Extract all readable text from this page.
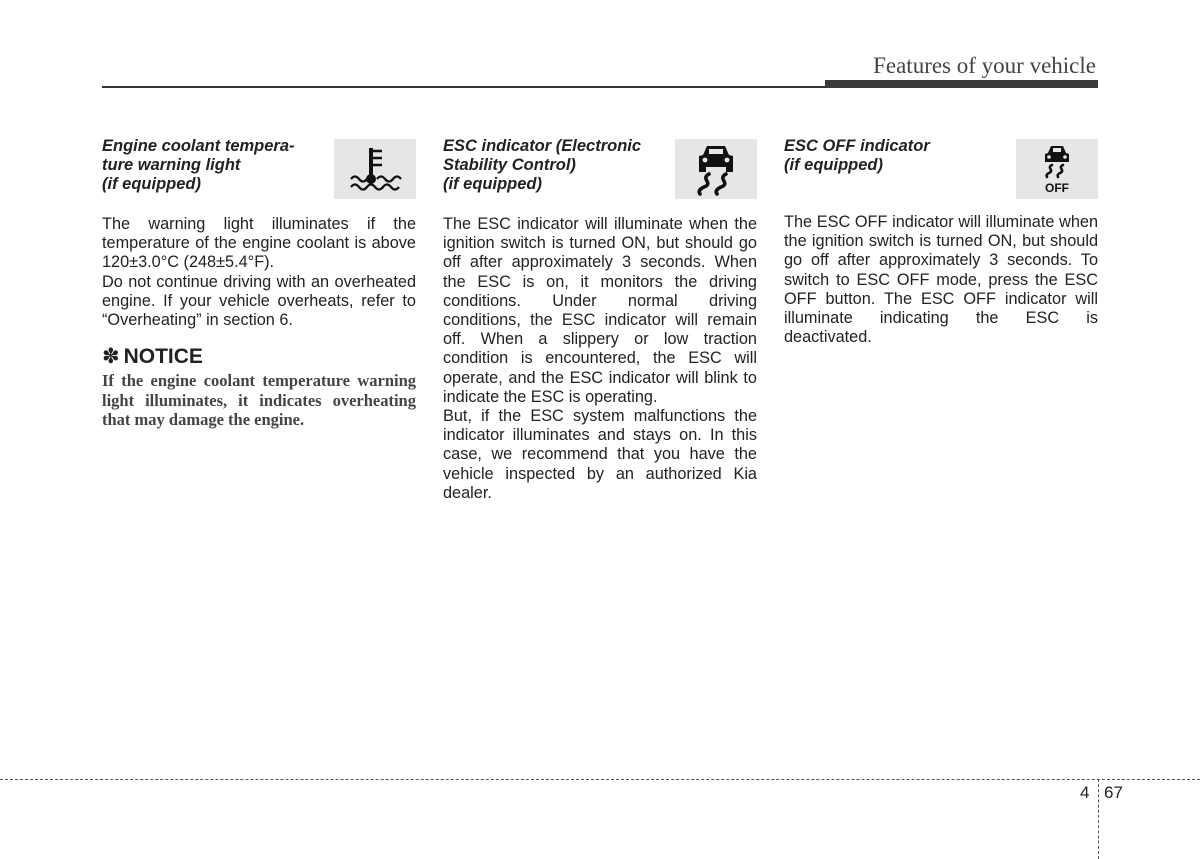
Features of your vehicle
Engine coolant tempera-
ture warning light
(if equipped)

The warning light illuminates if the temperature of the engine coolant is above 120±3.0°C (248±5.4°F).

Do not continue driving with an overheated engine. If your vehicle overheats, refer to “Overheating” in section 6.

✽ NOTICE
If the engine coolant temperature warning light illuminates, it indicates overheating that may damage the engine.
ESC indicator (Electronic
Stability Control)
(if equipped)

The ESC indicator will illuminate when the ignition switch is turned ON, but should go off after approximately 3 seconds. When the ESC is on, it monitors the driving conditions. Under normal driving conditions, the ESC indicator will remain off. When a slippery or low traction condition is encountered, the ESC will operate, and the ESC indicator will blink to indicate the ESC is operating.

But, if the ESC system malfunctions the indicator illuminates and stays on. In this case, we recommend that you have the vehicle inspected by an authorized Kia dealer.

ESC OFF indicator
(if equipped)
OFF

The ESC OFF indicator will illuminate when the ignition switch is turned ON, but should go off after approximately 3 seconds. To switch to ESC OFF mode, press the ESC OFF button. The ESC OFF indicator will illuminate indicating the ESC is deactivated.

4 67
